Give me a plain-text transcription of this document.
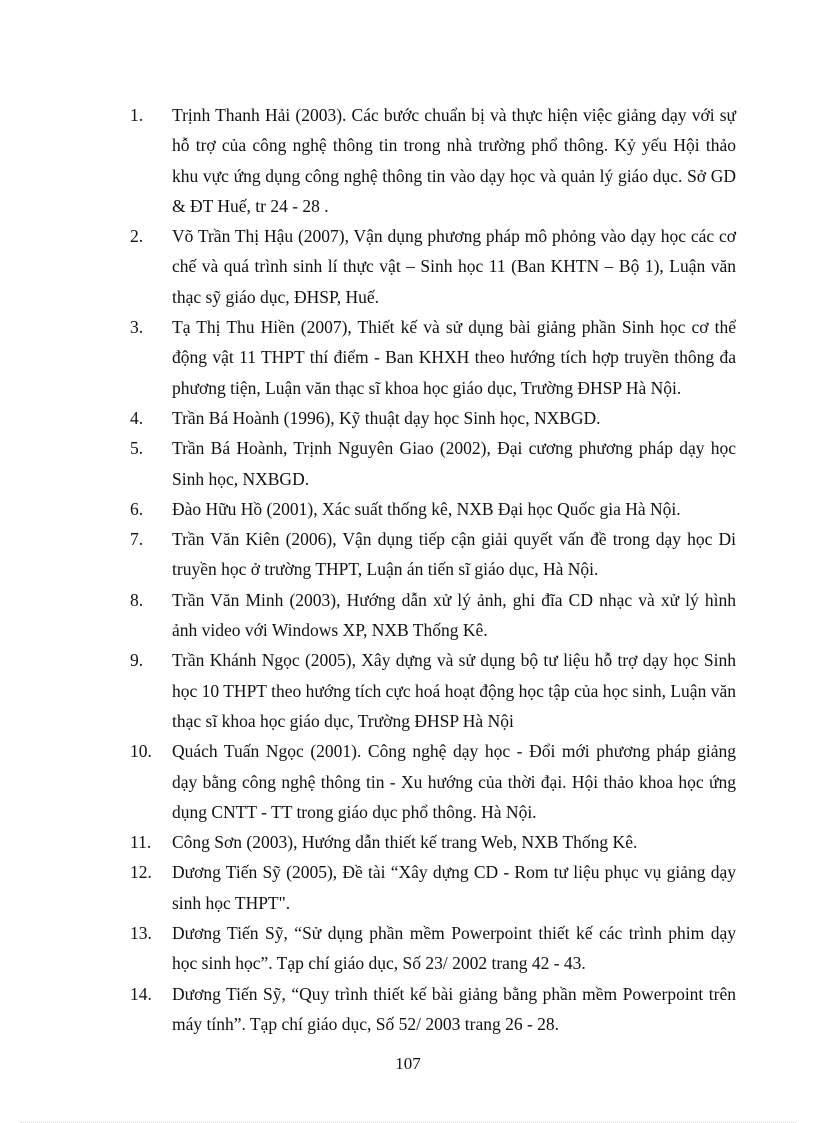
1.	Trịnh Thanh Hải (2003). Các bước chuẩn bị và thực hiện việc giảng dạy với sự hỗ trợ của công nghệ thông tin trong nhà trường phổ thông. Kỷ yếu Hội thảo khu vực ứng dụng công nghệ thông tin vào dạy học và quản lý giáo dục. Sở GD & ĐT Huế, tr 24 - 28 .
2.	Võ Trần Thị Hậu (2007), Vận dụng phương pháp mô phỏng vào dạy học các cơ chế và quá trình sinh lí thực vật – Sinh học 11 (Ban KHTN – Bộ 1), Luận văn thạc sỹ giáo dục, ĐHSP, Huế.
3.	Tạ Thị Thu Hiền (2007), Thiết kế và sử dụng bài giảng phần Sinh học cơ thể động vật 11 THPT thí điểm - Ban KHXH theo hướng tích hợp truyền thông đa phương tiện, Luận văn thạc sĩ khoa học giáo dục, Trường ĐHSP Hà Nội.
4.	Trần Bá Hoành (1996), Kỹ thuật dạy học Sinh học, NXBGD.
5.	Trần Bá Hoành, Trịnh Nguyên Giao (2002), Đại cương phương pháp dạy học Sinh học, NXBGD.
6.	Đào Hữu Hồ (2001), Xác suất thống kê, NXB Đại học Quốc gia Hà Nội.
7.	Trần Văn Kiên (2006), Vận dụng tiếp cận giải quyết vấn đề trong dạy học Di truyền học ở trường THPT, Luận án tiến sĩ giáo dục, Hà Nội.
8.	Trần Văn Minh (2003), Hướng dẫn xử lý ảnh, ghi đĩa CD nhạc và xử lý hình ảnh video với Windows XP, NXB Thống Kê.
9.	Trần Khánh Ngọc (2005), Xây dựng và sử dụng bộ tư liệu hỗ trợ dạy học Sinh học 10 THPT theo hướng tích cực hoá hoạt động học tập của học sinh, Luận văn thạc sĩ khoa học giáo dục, Trường ĐHSP Hà Nội
10.	Quách Tuấn Ngọc (2001). Công nghệ dạy học - Đổi mới phương pháp giảng dạy bằng công nghệ thông tin - Xu hướng của thời đại. Hội thảo khoa học ứng dụng CNTT - TT trong giáo dục phổ thông. Hà Nội.
11.	Công Sơn (2003), Hướng dẫn thiết kế trang Web, NXB Thống Kê.
12.	Dương Tiến Sỹ (2005), Đề tài “Xây dựng CD - Rom tư liệu phục vụ giảng dạy sinh học THPT".
13.	Dương Tiến Sỹ, “Sử dụng phần mềm Powerpoint thiết kế các trình phim dạy học sinh học”. Tạp chí giáo dục, Số 23/ 2002 trang 42 - 43.
14.	Dương Tiến Sỹ, “Quy trình thiết kế bài giảng bằng phần mềm Powerpoint trên máy tính”. Tạp chí giáo dục, Số 52/ 2003 trang 26 - 28.
107
